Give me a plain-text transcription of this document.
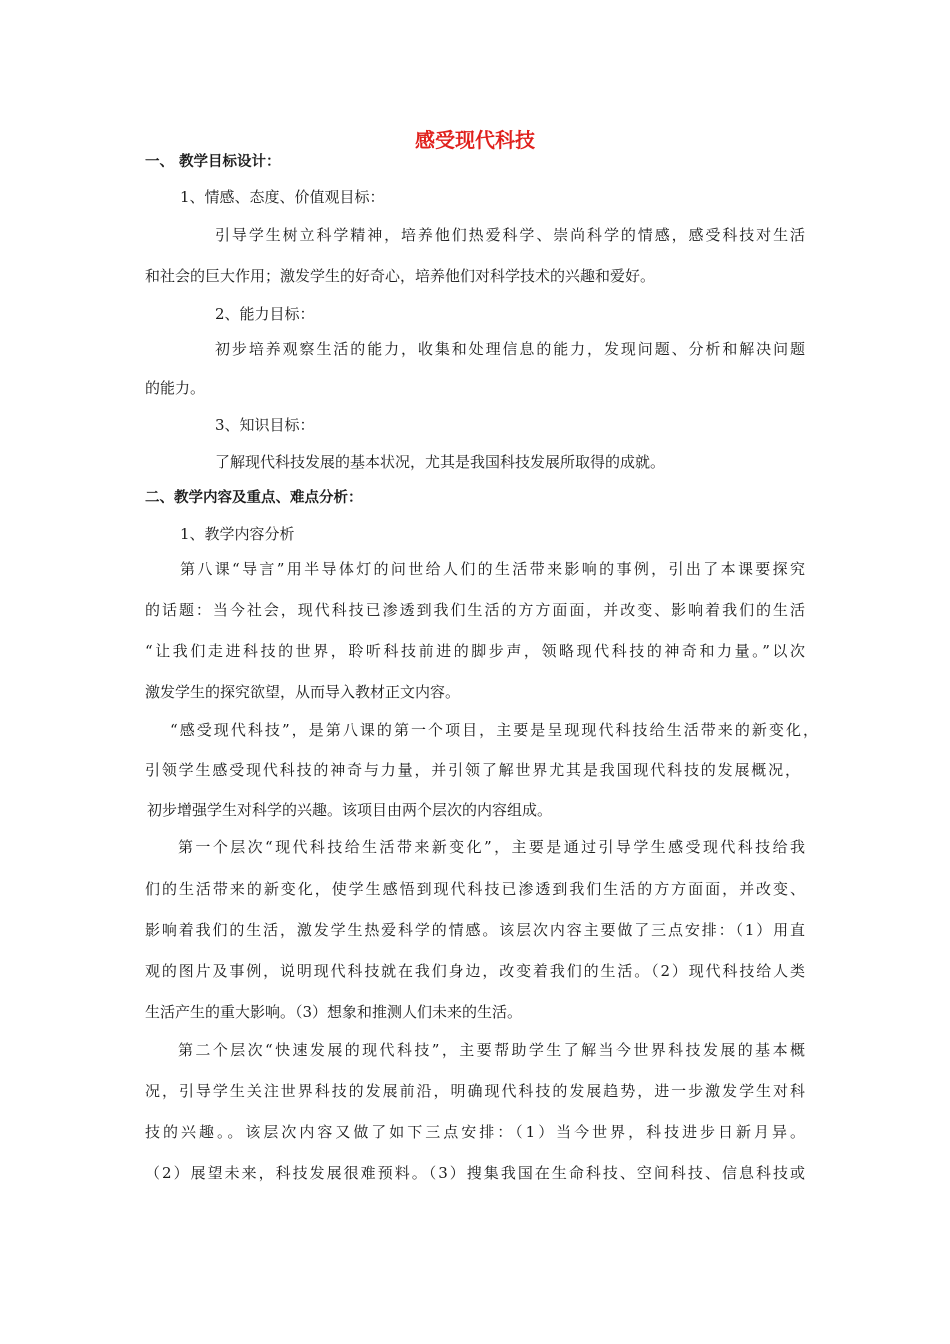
感受现代科技

一、 教学目标设计：

1、情感、态度、价值观目标：

引导学生树立科学精神，培养他们热爱科学、崇尚科学的情感，感受科技对生活

和社会的巨大作用；激发学生的好奇心，培养他们对科学技术的兴趣和爱好。

2、能力目标：

初步培养观察生活的能力，收集和处理信息的能力，发现问题、分析和解决问题

的能力。

3、知识目标：

了解现代科技发展的基本状况，尤其是我国科技发展所取得的成就。

二、教学内容及重点、难点分析：

1、教学内容分析

第八课“导言”用半导体灯的问世给人们的生活带来影响的事例，引出了本课要探究

的话题：当今社会，现代科技已渗透到我们生活的方方面面，并改变、影响着我们的生活

“让我们走进科技的世界，聆听科技前进的脚步声，领略现代科技的神奇和力量。”以次

激发学生的探究欲望，从而导入教材正文内容。

“感受现代科技”，是第八课的第一个项目，主要是呈现现代科技给生活带来的新变化，

引领学生感受现代科技的神奇与力量，并引领了解世界尤其是我国现代科技的发展概况，

初步增强学生对科学的兴趣。该项目由两个层次的内容组成。

第一个层次“现代科技给生活带来新变化”，主要是通过引导学生感受现代科技给我

们的生活带来的新变化，使学生感悟到现代科技已渗透到我们生活的方方面面，并改变、

影响着我们的生活，激发学生热爱科学的情感。该层次内容主要做了三点安排：（1）用直

观的图片及事例，说明现代科技就在我们身边，改变着我们的生活。（2）现代科技给人类

生活产生的重大影响。（3）想象和推测人们未来的生活。

第二个层次“快速发展的现代科技”，主要帮助学生了解当今世界科技发展的基本概

况，引导学生关注世界科技的发展前沿，明确现代科技的发展趋势，进一步激发学生对科

技的兴趣。。该层次内容又做了如下三点安排：（1）当今世界，科技进步日新月异。

（2）展望未来，科技发展很难预料。（3）搜集我国在生命科技、空间科技、信息科技或
